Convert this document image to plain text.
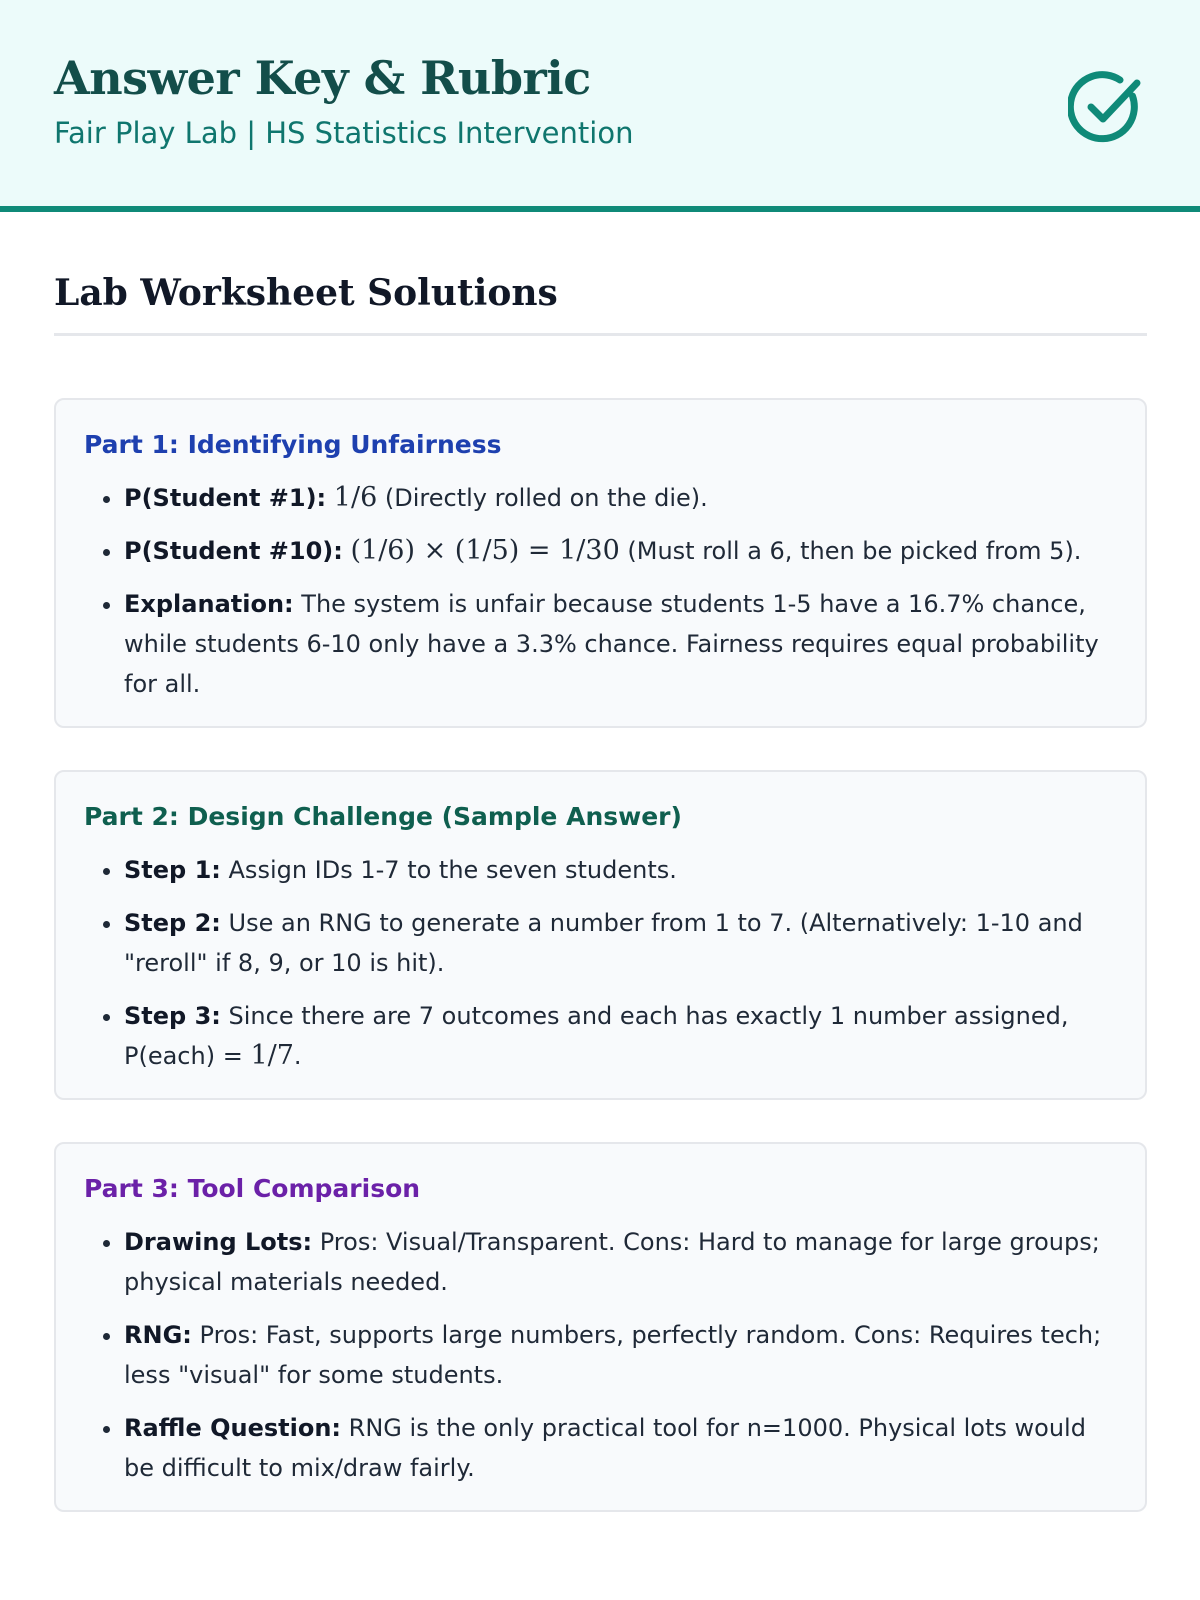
Answer Key & Rubric

Fair Play Lab | HS Statistics Intervention

Lab Worksheet Solutions
Part 1: Identifying Unfairness
• P(Student #1): 1/6 (Directly rolled on the die).
• P(Student #10): (1/6) × (1/5) = 1/30 (Must roll a 6, then be picked from 5).
• Explanation: The system is unfair because students 1-5 have a 16.7% chance, while students 6-10 only have a 3.3% chance. Fairness requires equal probability for all.
Part 2: Design Challenge (Sample Answer)
• Step 1: Assign IDs 1-7 to the seven students.
• Step 2: Use an RNG to generate a number from 1 to 7. (Alternatively: 1-10 and "reroll" if 8, 9, or 10 is hit).
• Step 3: Since there are 7 outcomes and each has exactly 1 number assigned, P(each) = 1/7.
Part 3: Tool Comparison
• Drawing Lots: Pros: Visual/Transparent. Cons: Hard to manage for large groups; physical materials needed.
• RNG: Pros: Fast, supports large numbers, perfectly random. Cons: Requires tech; less "visual" for some students.
• Raffle Question: RNG is the only practical tool for n=1000. Physical lots would be difficult to mix/draw fairly.
